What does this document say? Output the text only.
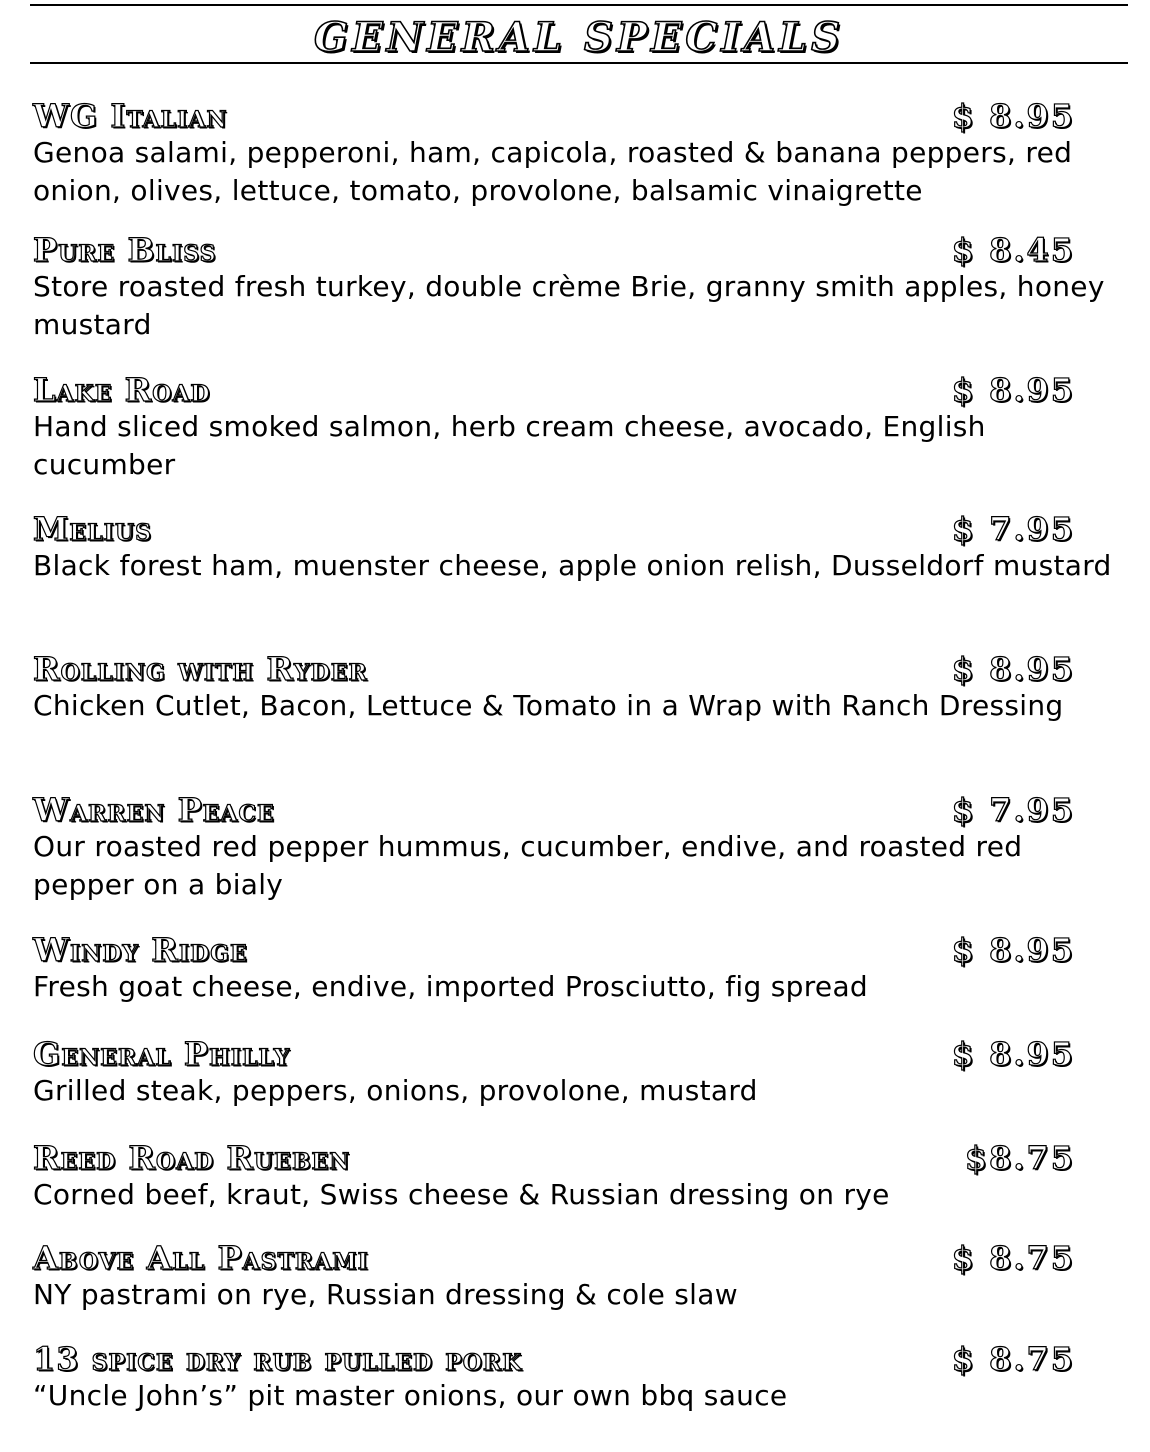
GENERAL SPECIALS
WG Italian	$ 8.95
Genoa salami, pepperoni, ham, capicola, roasted & banana peppers, red onion, olives, lettuce, tomato, provolone, balsamic vinaigrette
Pure Bliss	$ 8.45
Store roasted fresh turkey, double crème Brie, granny smith apples, honey mustard
Lake Road	$ 8.95
Hand sliced smoked salmon, herb cream cheese, avocado, English cucumber
Melius	$ 7.95
Black forest ham, muenster cheese, apple onion relish, Dusseldorf mustard
Rolling with Ryder	$ 8.95
Chicken Cutlet, Bacon, Lettuce & Tomato in a Wrap with Ranch Dressing
Warren Peace	$ 7.95
Our roasted red pepper hummus, cucumber, endive, and roasted red pepper on a bialy
Windy Ridge	$ 8.95
Fresh goat cheese, endive, imported Prosciutto, fig spread
General Philly	$ 8.95
Grilled steak, peppers, onions, provolone, mustard
Reed Road Rueben	$8.75
Corned beef, kraut, Swiss cheese & Russian dressing on rye
Above All Pastrami	$ 8.75
NY pastrami on rye, Russian dressing & cole slaw
13 spice dry rub pulled pork	$ 8.75
“Uncle John’s” pit master onions, our own bbq sauce
